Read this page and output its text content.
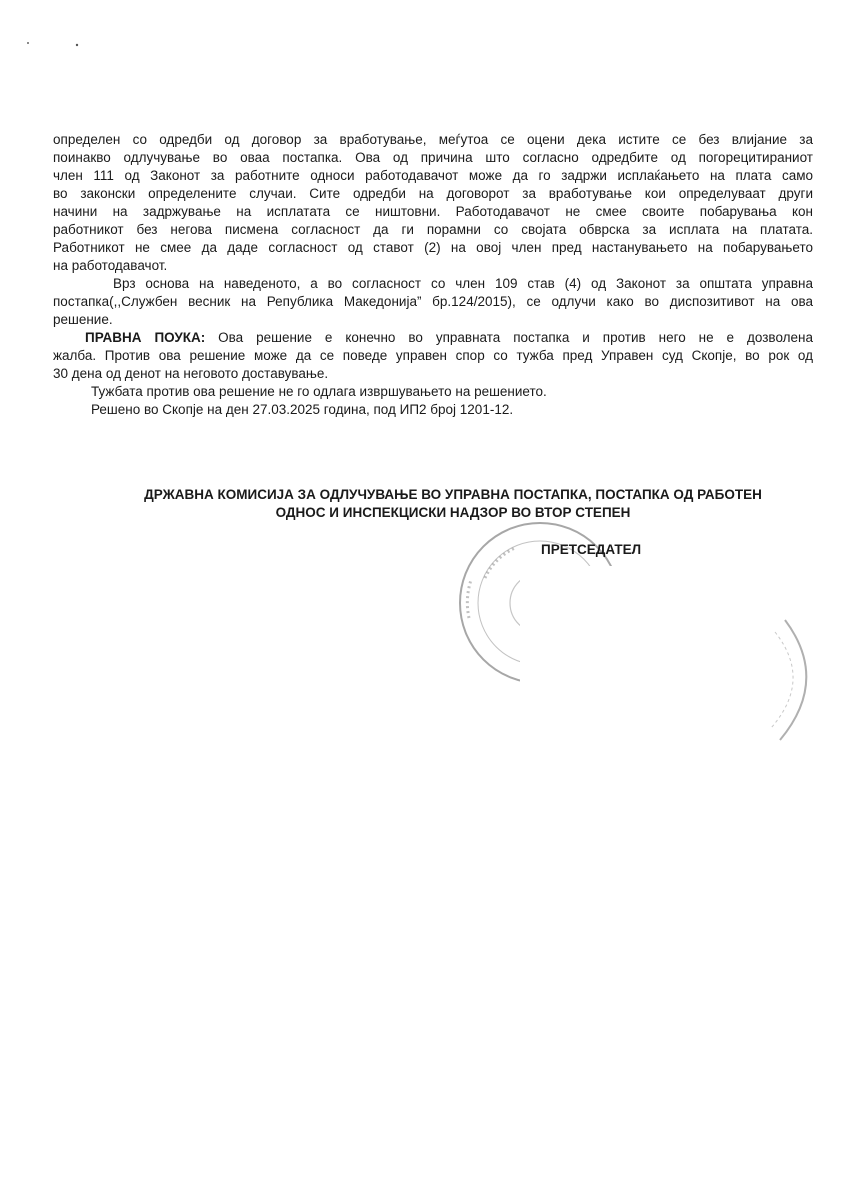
определен со одредби од договор за вработување, меѓутоа се оцени дека истите се без влијание за
поинакво одлучување во оваа постапка. Ова од причина што согласно одредбите од погорецитираниот
член 111 од Законот за работните односи работодавачот може да го задржи исплаќањето на плата само
во законски определените случаи. Сите одредби на договорот за вработување кои определуваат други
начини на задржување на исплатата се ништовни. Работодавачот не смее своите побарувања кон
работникот без негова писмена согласност да ги порамни со својата обврска за исплата на платата.
Работникот не смее да даде согласност од ставот (2) на овој член пред настанувањето на побарувањето
на работодавачот.
Врз основа на наведеното, а во согласност со член 109 став (4) од Законот за општата управна
постапка(,,Службен весник на Република Македонија” бр.124/2015), се одлучи како во диспозитивот на ова
решение.
ПРАВНА ПОУКА: Ова решение е конечно во управната постапка и против него не е дозволена
жалба. Против ова решение може да се поведе управен спор со тужба пред Управен суд Скопје, во рок од
30 дена од денот на неговото доставување.
Тужбата против ова решение не го одлага извршувањето на решението.
Решено во Скопје на ден 27.03.2025 година, под ИП2 број 1201-12.
ДРЖАВНА КОМИСИЈА ЗА ОДЛУЧУВАЊЕ ВО УПРАВНА ПОСТАПКА, ПОСТАПКА ОД РАБОТЕН
ОДНОС И ИНСПЕКЦИСКИ НАДЗОР ВО ВТОР СТЕПЕН
ПРЕТСЕДАТЕЛ
